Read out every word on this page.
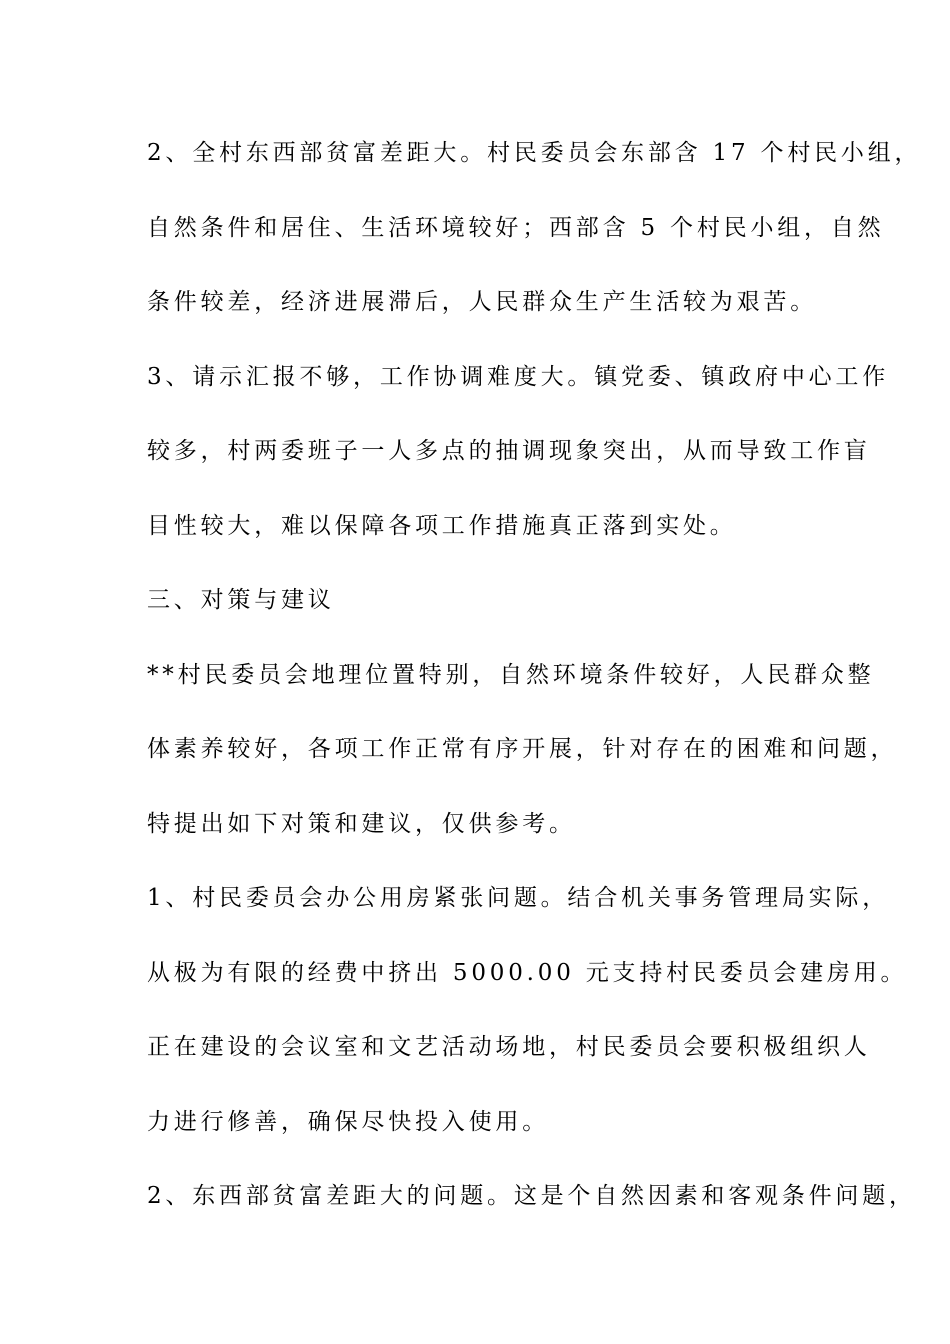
2、全村东西部贫富差距大。村民委员会东部含 17 个村民小组，
自然条件和居住、生活环境较好；西部含 5 个村民小组，自然
条件较差，经济进展滞后，人民群众生产生活较为艰苦。
3、请示汇报不够，工作协调难度大。镇党委、镇政府中心工作
较多，村两委班子一人多点的抽调现象突出，从而导致工作盲
目性较大，难以保障各项工作措施真正落到实处。
三、对策与建议
**村民委员会地理位置特别，自然环境条件较好，人民群众整
体素养较好，各项工作正常有序开展，针对存在的困难和问题，
特提出如下对策和建议，仅供参考。
1、村民委员会办公用房紧张问题。结合机关事务管理局实际，
从极为有限的经费中挤出 5000.00 元支持村民委员会建房用。
正在建设的会议室和文艺活动场地，村民委员会要积极组织人
力进行修善，确保尽快投入使用。
2、东西部贫富差距大的问题。这是个自然因素和客观条件问题，
